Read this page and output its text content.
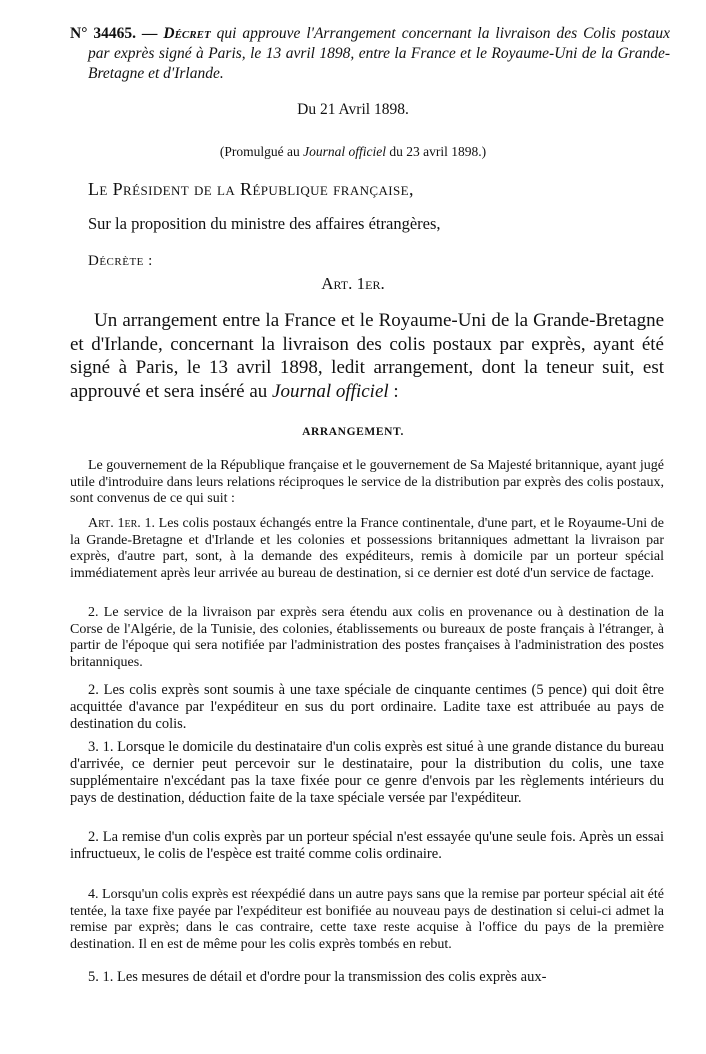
N° 34465. — Décret qui approuve l'Arrangement concernant la livraison des Colis postaux par exprès signé à Paris, le 13 avril 1898, entre la France et le Royaume-Uni de la Grande-Bretagne et d'Irlande.
Du 21 Avril 1898.
(Promulgué au Journal officiel du 23 avril 1898.)
Le Président de la République française,
Sur la proposition du ministre des affaires étrangères,
Décrète :
Art. 1er.
Un arrangement entre la France et le Royaume-Uni de la Grande-Bretagne et d'Irlande, concernant la livraison des colis postaux par exprès, ayant été signé à Paris, le 13 avril 1898, ledit arrangement, dont la teneur suit, est approuvé et sera inséré au Journal officiel :
ARRANGEMENT.
Le gouvernement de la République française et le gouvernement de Sa Majesté britannique, ayant jugé utile d'introduire dans leurs relations réciproques le service de la distribution par exprès des colis postaux, sont convenus de ce qui suit :
Art. 1er. 1. Les colis postaux échangés entre la France continentale, d'une part, et le Royaume-Uni de la Grande-Bretagne et d'Irlande et les colonies et possessions britanniques admettant la livraison par exprès, d'autre part, sont, à la demande des expéditeurs, remis à domicile par un porteur spécial immédiatement après leur arrivée au bureau de destination, si ce dernier est doté d'un service de factage.
2. Le service de la livraison par exprès sera étendu aux colis en provenance ou à destination de la Corse de l'Algérie, de la Tunisie, des colonies, établissements ou bureaux de poste français à l'étranger, à partir de l'époque qui sera notifiée par l'administration des postes françaises à l'administration des postes britanniques.
2. Les colis exprès sont soumis à une taxe spéciale de cinquante centimes (5 pence) qui doit être acquittée d'avance par l'expéditeur en sus du port ordinaire. Ladite taxe est attribuée au pays de destination du colis.
3. 1. Lorsque le domicile du destinataire d'un colis exprès est situé à une grande distance du bureau d'arrivée, ce dernier peut percevoir sur le destinataire, pour la distribution du colis, une taxe supplémentaire n'excédant pas la taxe fixée pour ce genre d'envois par les règlements intérieurs du pays de destination, déduction faite de la taxe spéciale versée par l'expéditeur.
2. La remise d'un colis exprès par un porteur spécial n'est essayée qu'une seule fois. Après un essai infructueux, le colis de l'espèce est traité comme colis ordinaire.
4. Lorsqu'un colis exprès est réexpédié dans un autre pays sans que la remise par porteur spécial ait été tentée, la taxe fixe payée par l'expéditeur est bonifiée au nouveau pays de destination si celui-ci admet la remise par exprès; dans le cas contraire, cette taxe reste acquise à l'office du pays de la première destination. Il en est de même pour les colis exprès tombés en rebut.
5. 1. Les mesures de détail et d'ordre pour la transmission des colis exprès aux-
